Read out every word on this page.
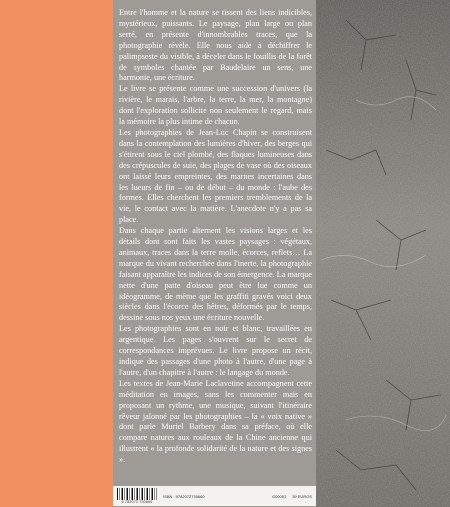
Entre l'homme et la nature se tissent des liens indicibles, mystérieux, puissants. Le paysage, plan large ou plan serré, en présente d'innombrables traces, que la photographie révèle. Elle nous aide à déchiffrer le palimpseste du visible, à déceler dans le fouillis de la forêt de symboles chantée par Baudelaire un sens, une harmonie, une écriture.

Le livre se présente comme une succession d'univers (la rivière, le marais, l'arbre, la terre, la mer, la montagne) dont l'exploration sollicite non seulement le regard, mais la mémoire la plus intime de chacun.

Les photographies de Jean-Luc Chapin se construisent dans la contemplation des lumières d'hiver, des berges qui s'étirent sous le ciel plombé, des flaques lumineuses dans des crépuscules de suie, des plages de vase où des oiseaux ont laissé leurs empreintes, des marnes incertaines dans les lueurs de fin – ou de début – du monde : l'aube des formes. Elles cherchent les premiers tremblements de la vie, le contact avec la matière. L'anecdote n'y a pas sa place.

Dans chaque partie alternent les visions larges et les détails dont sont faits les vastes paysages : végétaux, animaux, traces dans la terre molle, écorces, reflets… La marque du vivant recherchée dans l'inerte, la photographie faisant apparaître les indices de son émergence. La marque nette d'une patte d'oiseau peut être lue comme un idéogramme, de même que les graffiti gravés voici deux siècles dans l'écorce des hêtres, déformés par le temps, dessine sous nos yeux une écriture nouvelle.

Les photographies sont en noir et blanc, travaillées en argentique. Les pages s'ouvrent sur le secret de correspondances imprévues. Le livre propose un récit, indique des passages d'une photo à l'autre, d'une page à l'autre, d'un chapitre à l'autre : le langage du monde.

Les textes de Jean-Marie Laclavetine accompagnent cette méditation en images, sans les commenter mais en proposant un rythme, une musique, suivant l'itinéraire rêveur jalonné par les photographies – la « voix native » dont parle Muriel Barbery dans sa préface, où elle compare natures aux rouleaux de la Chine ancienne qui illustrent « la profonde solidarité de la nature et des signes ».

9 782072 730660
ISBN : 978207273066​0	G00051 39 EUROS
